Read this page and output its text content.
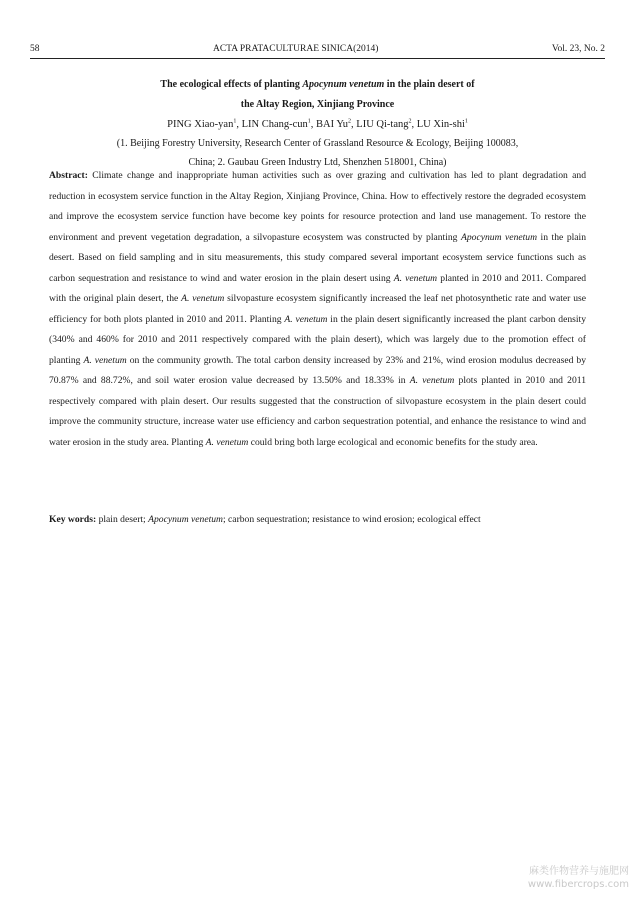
58	ACTA PRATACULTURAE SINICA(2014)	Vol. 23, No. 2
The ecological effects of planting Apocynum venetum in the plain desert of
the Altay Region, Xinjiang Province
PING Xiao-yan$^1$, LIN Chang-cun$^1$, BAI Yu$^2$, LIU Qi-tang$^2$, LU Xin-shi$^1$
(1. Beijing Forestry University, Research Center of Grassland Resource & Ecology, Beijing 100083,
China; 2. Gaubau Green Industry Ltd, Shenzhen 518001, China)
Abstract: Climate change and inappropriate human activities such as over grazing and cultivation has led to plant degradation and reduction in ecosystem service function in the Altay Region, Xinjiang Province, China. How to effectively restore the degraded ecosystem and improve the ecosystem service function have become key points for resource protection and land use management. To restore the environment and prevent vegetation degradation, a silvopasture ecosystem was constructed by planting Apocynum venetum in the plain desert. Based on field sampling and in situ measurements, this study compared several important ecosystem service functions such as carbon sequestration and resistance to wind and water erosion in the plain desert using A. venetum planted in 2010 and 2011. Compared with the original plain desert, the A. venetum silvopasture ecosystem significantly increased the leaf net photosynthetic rate and water use efficiency for both plots planted in 2010 and 2011. Planting A. venetum in the plain desert significantly increased the plant carbon density (340% and 460% for 2010 and 2011 respectively compared with the plain desert), which was largely due to the promotion effect of planting A. venetum on the community growth. The total carbon density increased by 23% and 21%, wind erosion modulus decreased by 70.87% and 88.72%, and soil water erosion value decreased by 13.50% and 18.33% in A. venetum plots planted in 2010 and 2011 respectively compared with plain desert. Our results suggested that the construction of silvopasture ecosystem in the plain desert could improve the community structure, increase water use efficiency and carbon sequestration potential, and enhance the resistance to wind and water erosion in the study area. Planting A. venetum could bring both large ecological and economic benefits for the study area.
Key words: plain desert; Apocynum venetum; carbon sequestration; resistance to wind erosion; ecological effect
麻类作物营养与施肥网
www.fibercrops.com
